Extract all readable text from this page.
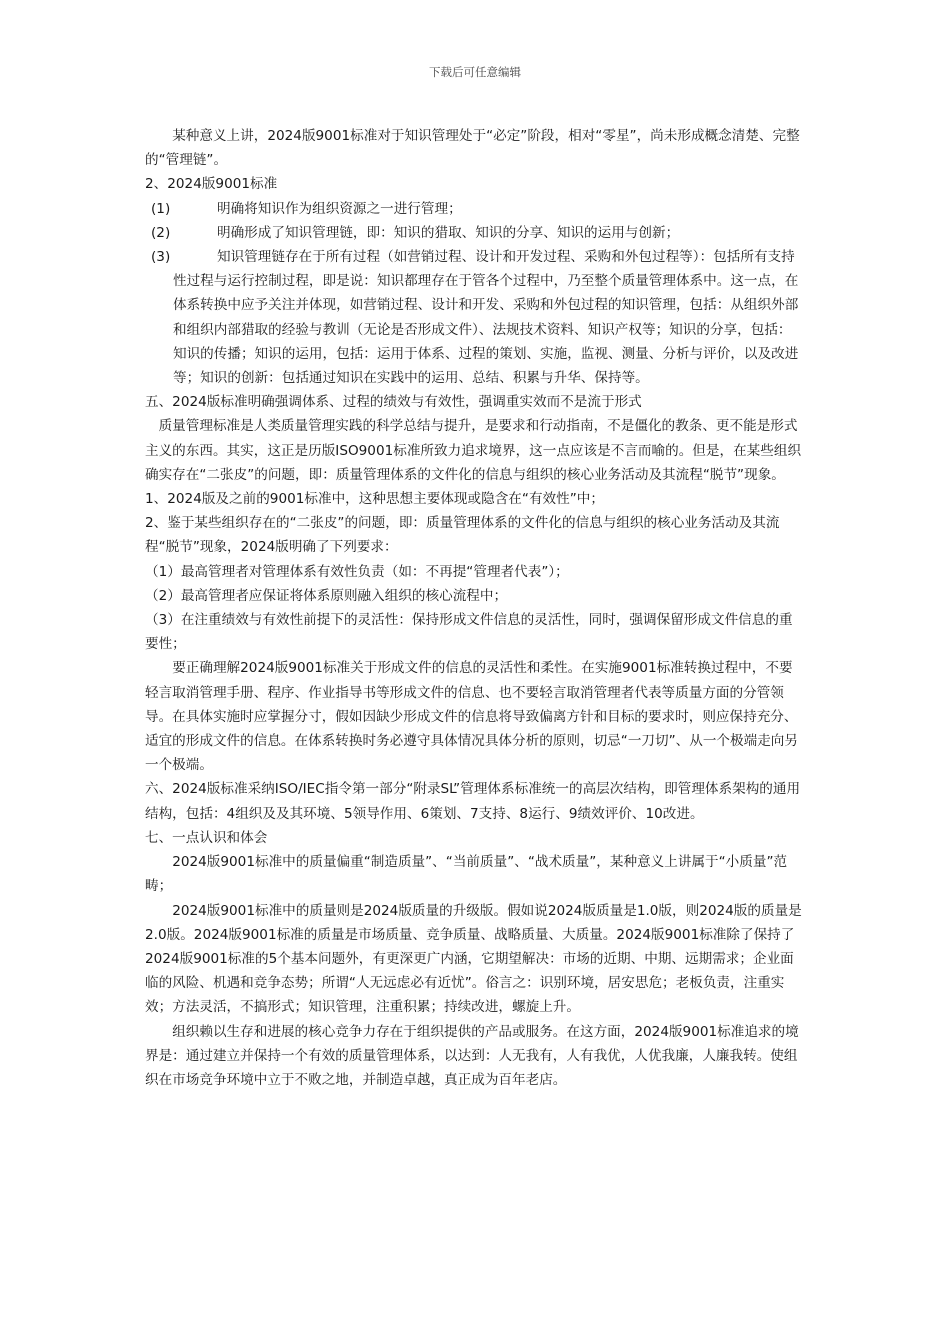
下载后可任意编辑

某种意义上讲，2024版9001标准对于知识管理处于“必定”阶段，相对“零星”，尚未形成概念清楚、完整的“管理链”。

2、2024版9001标准

(1)	明确将知识作为组织资源之一进行管理；
(2)	明确形成了知识管理链，即：知识的猎取、知识的分享、知识的运用与创新；
(3)	知识管理链存在于所有过程（如营销过程、设计和开发过程、采购和外包过程等）：包括所有支持性过程与运行控制过程，即是说：知识都理存在于管各个过程中，乃至整个质量管理体系中。这一点，在体系转换中应予关注并体现，如营销过程、设计和开发、采购和外包过程的知识管理，包括：从组织外部和组织内部猎取的经验与教训（无论是否形成文件）、法规技术资料、知识产权等；知识的分享，包括：知识的传播；知识的运用，包括：运用于体系、过程的策划、实施，监视、测量、分析与评价，以及改进等；知识的创新：包括通过知识在实践中的运用、总结、积累与升华、保持等。

五、2024版标准明确强调体系、过程的绩效与有效性，强调重实效而不是流于形式

质量管理标准是人类质量管理实践的科学总结与提升，是要求和行动指南，不是僵化的教条、更不能是形式主义的东西。其实，这正是历版ISO9001标准所致力追求境界，这一点应该是不言而喻的。但是，在某些组织确实存在“二张皮”的问题，即：质量管理体系的文件化的信息与组织的核心业务活动及其流程“脱节”现象。

1、2024版及之前的9001标准中，这种思想主要体现或隐含在“有效性”中；

2、鉴于某些组织存在的“二张皮”的问题，即：质量管理体系的文件化的信息与组织的核心业务活动及其流程“脱节”现象，2024版明确了下列要求：

（1）最高管理者对管理体系有效性负责（如：不再提“管理者代表”）；

（2）最高管理者应保证将体系原则融入组织的核心流程中；

（3）在注重绩效与有效性前提下的灵活性：保持形成文件信息的灵活性，同时，强调保留形成文件信息的重要性；

要正确理解2024版9001标准关于形成文件的信息的灵活性和柔性。在实施9001标准转换过程中，不要轻言取消管理手册、程序、作业指导书等形成文件的信息、也不要轻言取消管理者代表等质量方面的分管领导。在具体实施时应掌握分寸，假如因缺少形成文件的信息将导致偏离方针和目标的要求时，则应保持充分、适宜的形成文件的信息。在体系转换时务必遵守具体情况具体分析的原则，切忌“一刀切”、从一个极端走向另一个极端。

六、2024版标准采纳ISO/IEC指令第一部分“附录SL”管理体系标准统一的高层次结构，即管理体系架构的通用结构，包括：4组织及及其环境、5领导作用、6策划、7支持、8运行、9绩效评价、10改进。

七、一点认识和体会

2024版9001标准中的质量偏重“制造质量”、“当前质量”、“战术质量”，某种意义上讲属于“小质量”范畴；

2024版9001标准中的质量则是2024版质量的升级版。假如说2024版质量是1.0版，则2024版的质量是2.0版。2024版9001标准的质量是市场质量、竞争质量、战略质量、大质量。2024版9001标准除了保持了2024版9001标准的5个基本问题外，有更深更广内涵，它期望解决：市场的近期、中期、远期需求；企业面临的风险、机遇和竞争态势；所谓“人无远虑必有近忧”。俗言之：识别环境，居安思危；老板负责，注重实效；方法灵活，不搞形式；知识管理，注重积累；持续改进，螺旋上升。

组织赖以生存和进展的核心竞争力存在于组织提供的产品或服务。在这方面，2024版9001标准追求的境界是：通过建立并保持一个有效的质量管理体系，以达到：人无我有，人有我优，人优我廉，人廉我转。使组织在市场竞争环境中立于不败之地，并制造卓越，真正成为百年老店。
